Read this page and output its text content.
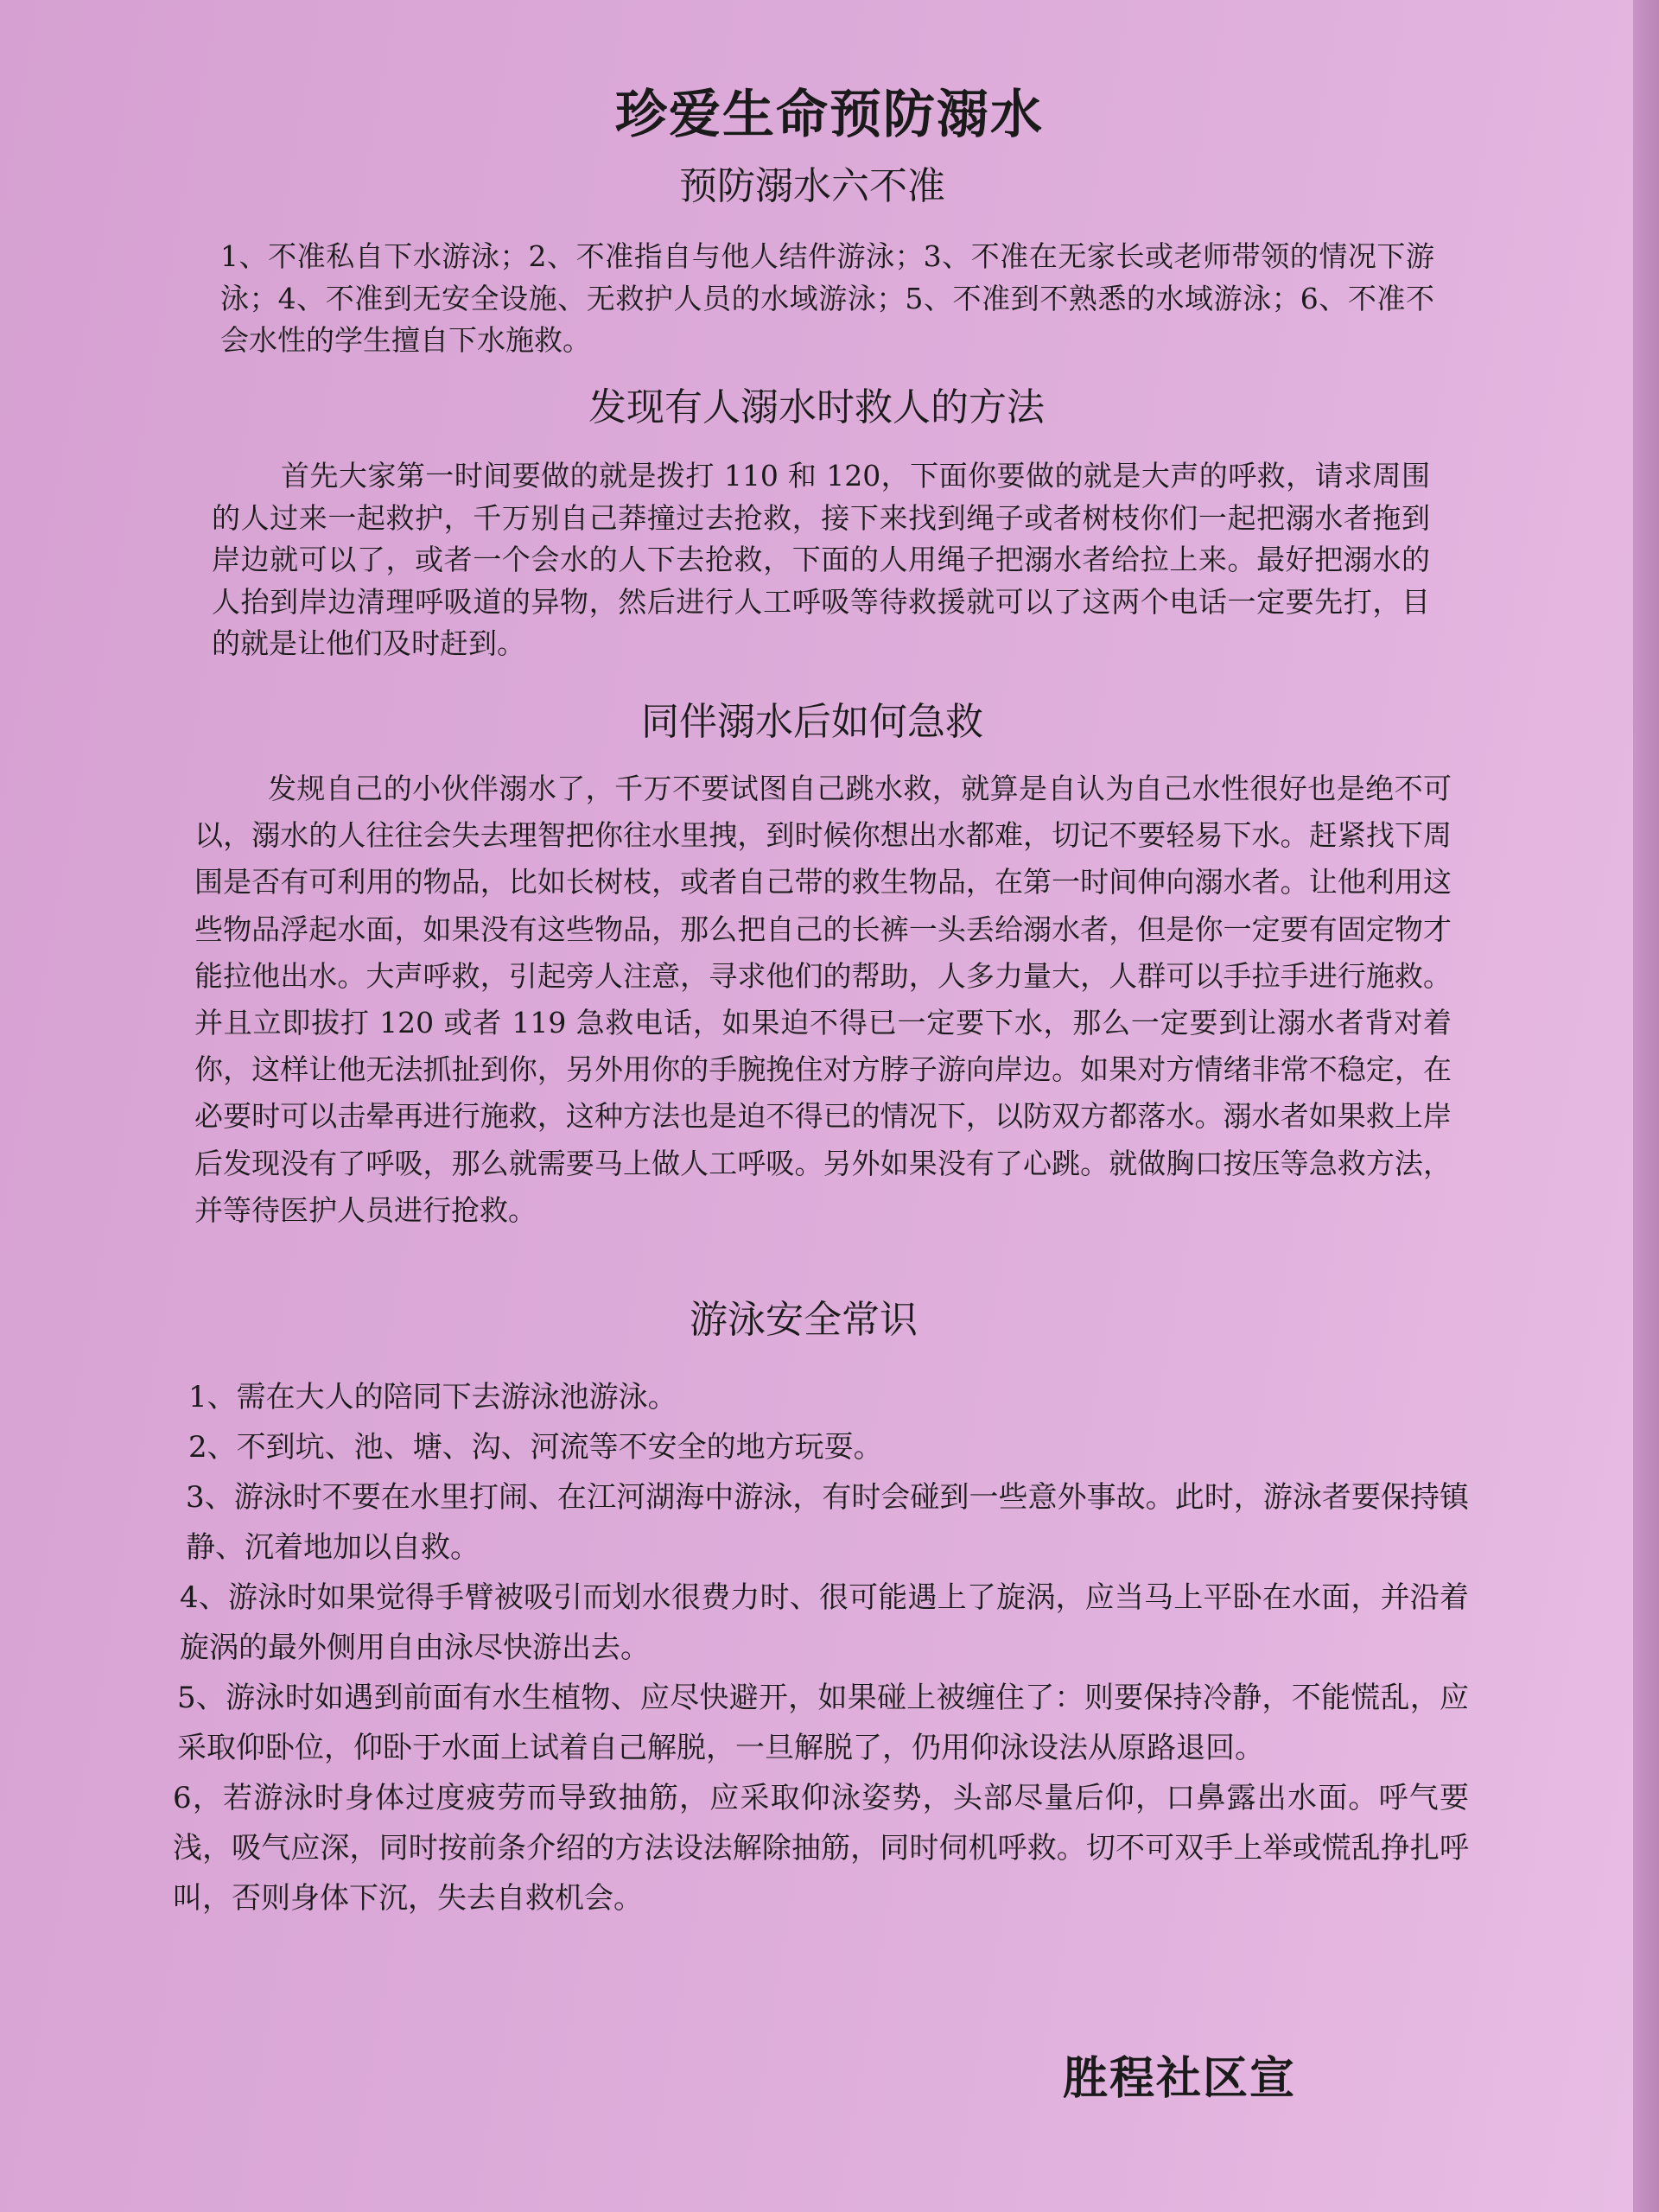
珍爱生命预防溺水
预防溺水六不准

1、不准私自下水游泳；2、不准指自与他人结件游泳；3、不准在无家长或老师带领的情况下游泳；4、不准到无安全设施、无救护人员的水域游泳；5、不准到不熟悉的水域游泳；6、不准不会水性的学生擅自下水施救。

发现有人溺水时救人的方法

首先大家第一时间要做的就是拨打 110 和 120，下面你要做的就是大声的呼救，请求周围的人过来一起救护，千万别自己莽撞过去抢救，接下来找到绳子或者树枝你们一起把溺水者拖到岸边就可以了，或者一个会水的人下去抢救，下面的人用绳子把溺水者给拉上来。最好把溺水的人抬到岸边清理呼吸道的异物，然后进行人工呼吸等待救援就可以了这两个电话一定要先打，目的就是让他们及时赶到。

同伴溺水后如何急救

发规自己的小伙伴溺水了，千万不要试图自己跳水救，就算是自认为自己水性很好也是绝不可以，溺水的人往往会失去理智把你往水里拽，到时候你想出水都难，切记不要轻易下水。赶紧找下周围是否有可利用的物品，比如长树枝，或者自己带的救生物品，在第一时间伸向溺水者。让他利用这些物品浮起水面，如果没有这些物品，那么把自己的长裤一头丢给溺水者，但是你一定要有固定物才能拉他出水。大声呼救，引起旁人注意，寻求他们的帮助，人多力量大，人群可以手拉手进行施救。并且立即拔打 120 或者 119 急救电话，如果迫不得已一定要下水，那么一定要到让溺水者背对着你，这样让他无法抓扯到你，另外用你的手腕挽住对方脖子游向岸边。如果对方情绪非常不稳定，在必要时可以击晕再进行施救，这种方法也是迫不得已的情况下，以防双方都落水。溺水者如果救上岸后发现没有了呼吸，那么就需要马上做人工呼吸。另外如果没有了心跳。就做胸口按压等急救方法，并等待医护人员进行抢救。

游泳安全常识

1、需在大人的陪同下去游泳池游泳。

2、不到坑、池、塘、沟、河流等不安全的地方玩耍。

3、游泳时不要在水里打闹、在江河湖海中游泳，有时会碰到一些意外事故。此时，游泳者要保持镇静、沉着地加以自救。

4、游泳时如果觉得手臂被吸引而划水很费力时、很可能遇上了旋涡，应当马上平卧在水面，并沿着旋涡的最外侧用自由泳尽快游出去。

5、游泳时如遇到前面有水生植物、应尽快避开，如果碰上被缠住了：则要保持冷静，不能慌乱，应采取仰卧位，仰卧于水面上试着自己解脱，一旦解脱了，仍用仰泳设法从原路退回。

6，若游泳时身体过度疲劳而导致抽筋，应采取仰泳姿势，头部尽量后仰，口鼻露出水面。呼气要浅，吸气应深，同时按前条介绍的方法设法解除抽筋，同时伺机呼救。切不可双手上举或慌乱挣扎呼叫，否则身体下沉，失去自救机会。

胜程社区宣
